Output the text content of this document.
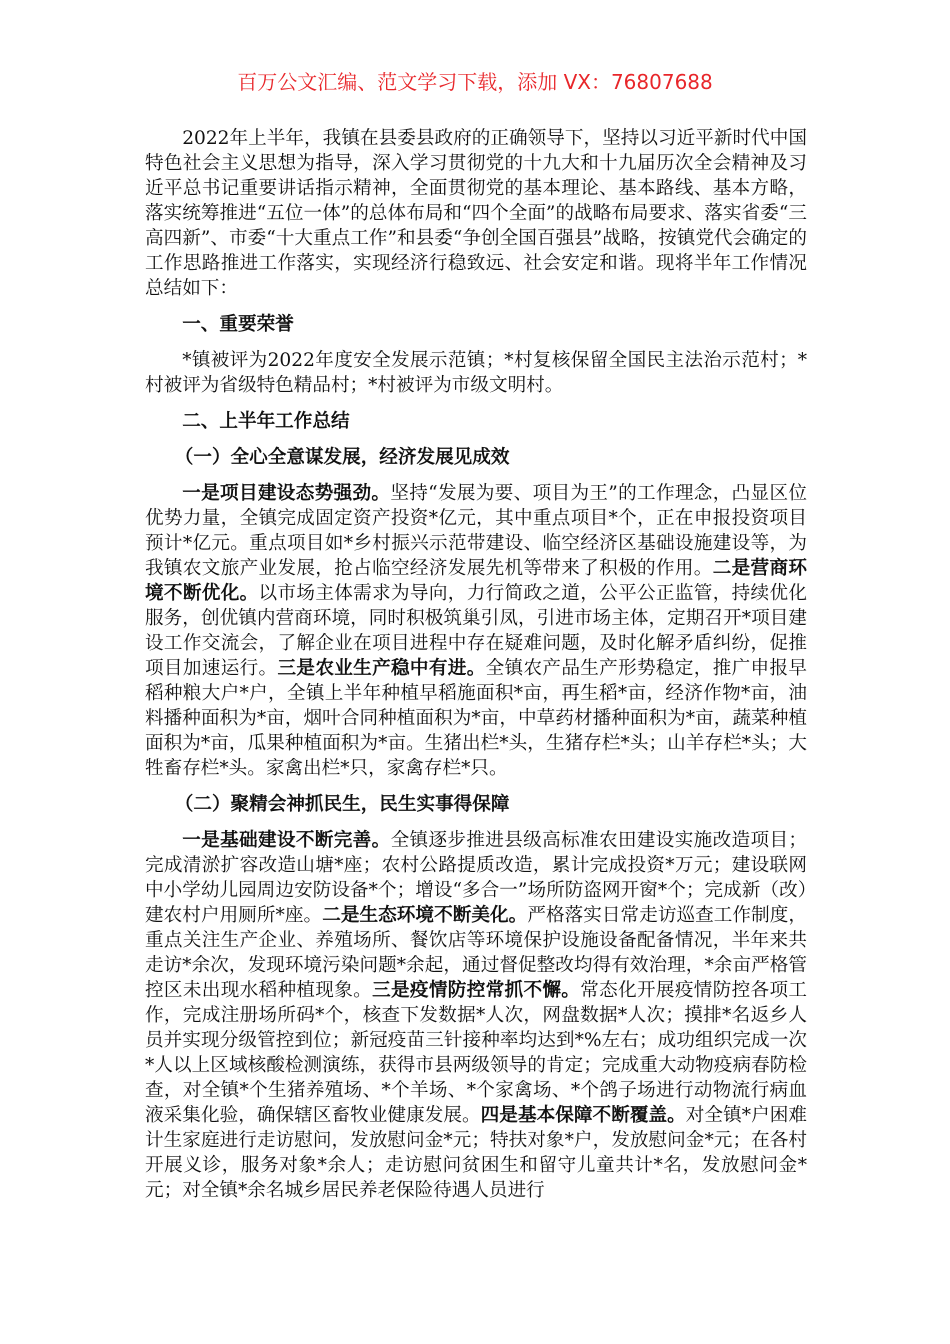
百万公文汇编、范文学习下载，添加 VX：76807688

2022年上半年，我镇在县委县政府的正确领导下，坚持以习近平新时代中国特色社会主义思想为指导，深入学习贯彻党的十九大和十九届历次全会精神及习近平总书记重要讲话指示精神，全面贯彻党的基本理论、基本路线、基本方略，落实统筹推进“五位一体”的总体布局和“四个全面”的战略布局要求、落实省委“三高四新”、市委“十大重点工作”和县委“争创全国百强县”战略，按镇党代会确定的工作思路推进工作落实，实现经济行稳致远、社会安定和谐。现将半年工作情况总结如下：

一、重要荣誉

*镇被评为2022年度安全发展示范镇；*村复核保留全国民主法治示范村；*村被评为省级特色精品村；*村被评为市级文明村。

二、上半年工作总结

（一）全心全意谋发展，经济发展见成效

一是项目建设态势强劲。坚持“发展为要、项目为王”的工作理念，凸显区位优势力量，全镇完成固定资产投资*亿元，其中重点项目*个，正在申报投资项目预计*亿元。重点项目如*乡村振兴示范带建设、临空经济区基础设施建设等，为我镇农文旅产业发展，抢占临空经济发展先机等带来了积极的作用。二是营商环境不断优化。以市场主体需求为导向，力行简政之道，公平公正监管，持续优化服务，创优镇内营商环境，同时积极筑巢引凤，引进市场主体，定期召开*项目建设工作交流会，了解企业在项目进程中存在疑难问题，及时化解矛盾纠纷，促推项目加速运行。三是农业生产稳中有进。全镇农产品生产形势稳定，推广申报早稻种粮大户*户，全镇上半年种植早稻施面积*亩，再生稻*亩，经济作物*亩，油料播种面积为*亩，烟叶合同种植面积为*亩，中草药材播种面积为*亩，蔬菜种植面积为*亩，瓜果种植面积为*亩。生猪出栏*头，生猪存栏*头；山羊存栏*头；大牲畜存栏*头。家禽出栏*只，家禽存栏*只。

（二）聚精会神抓民生，民生实事得保障

一是基础建设不断完善。全镇逐步推进县级高标准农田建设实施改造项目；完成清淤扩容改造山塘*座；农村公路提质改造，累计完成投资*万元；建设联网中小学幼儿园周边安防设备*个；增设“多合一”场所防盗网开窗*个；完成新（改）建农村户用厕所*座。二是生态环境不断美化。严格落实日常走访巡查工作制度，重点关注生产企业、养殖场所、餐饮店等环境保护设施设备配备情况，半年来共走访*余次，发现环境污染问题*余起，通过督促整改均得有效治理，*余亩严格管控区未出现水稻种植现象。三是疫情防控常抓不懈。常态化开展疫情防控各项工作，完成注册场所码*个，核查下发数据*人次，网盘数据*人次；摸排*名返乡人员并实现分级管控到位；新冠疫苗三针接种率均达到*%左右；成功组织完成一次*人以上区域核酸检测演练，获得市县两级领导的肯定；完成重大动物疫病春防检查，对全镇*个生猪养殖场、*个羊场、*个家禽场、*个鸽子场进行动物流行病血液采集化验，确保辖区畜牧业健康发展。四是基本保障不断覆盖。对全镇*户困难计生家庭进行走访慰问，发放慰问金*元；特扶对象*户，发放慰问金*元；在各村开展义诊，服务对象*余人；走访慰问贫困生和留守儿童共计*名，发放慰问金*元；对全镇*余名城乡居民养老保险待遇人员进行
